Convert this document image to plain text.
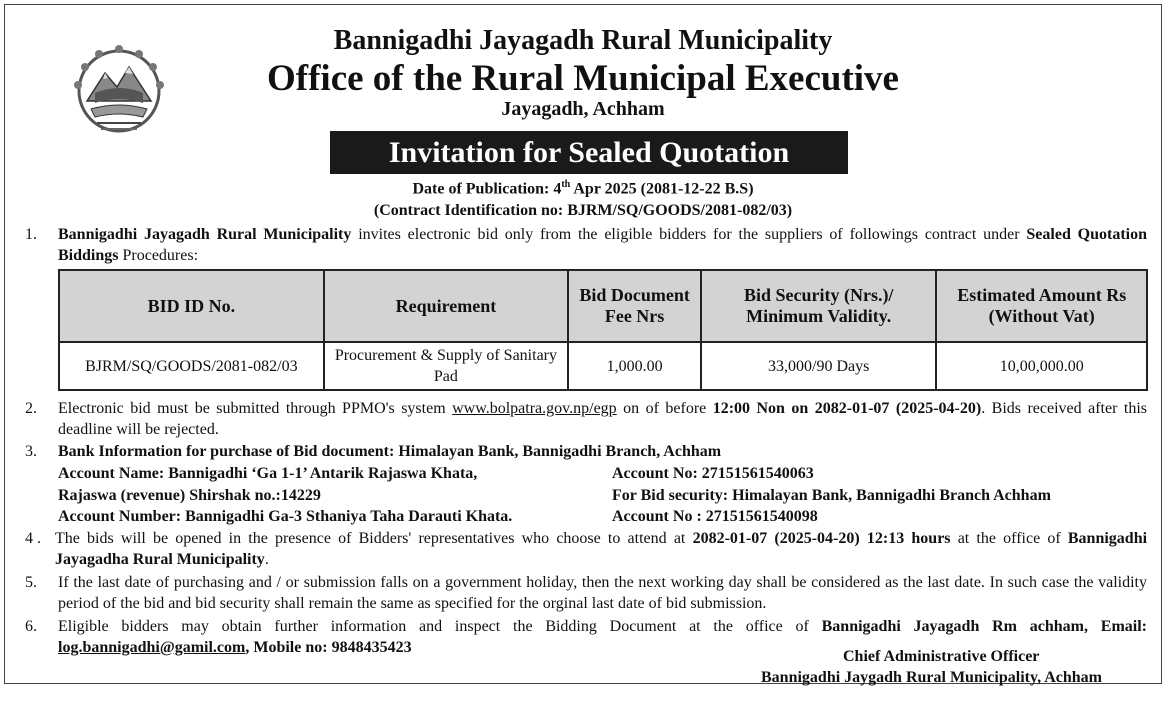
Bannigadhi Jayagadh Rural Municipality
Office of the Rural Municipal Executive
Jayagadh, Achham
Invitation for Sealed Quotation
Date of Publication: 4th Apr 2025 (2081-12-22 B.S)
(Contract Identification no: BJRM/SQ/GOODS/2081-082/03)
1. Bannigadhi Jayagadh Rural Municipality invites electronic bid only from the eligible bidders for the suppliers of followings contract under Sealed Quotation Biddings Procedures:
BID ID No.	Requirement	Bid Document Fee Nrs	Bid Security (Nrs.)/ Minimum Validity.	Estimated Amount Rs (Without Vat)
BJRM/SQ/GOODS/2081-082/03	Procurement & Supply of Sanitary Pad	1,000.00	33,000/90 Days	10,00,000.00
2. Electronic bid must be submitted through PPMO's system www.bolpatra.gov.np/egp on of before 12:00 Non on 2082-01-07 (2025-04-20). Bids received after this deadline will be rejected.
3. Bank Information for purchase of Bid document: Himalayan Bank, Bannigadhi Branch, Achham
Account Name: Bannigadhi ‘Ga 1-1’ Antarik Rajaswa Khata,
Rajaswa (revenue) Shirshak no.:14229
Account Number: Bannigadhi Ga-3 Sthaniya Taha Darauti Khata.
Account No: 27151561540063
For Bid security: Himalayan Bank, Bannigadhi Branch Achham
Account No : 27151561540098
4 . The bids will be opened in the presence of Bidders' representatives who choose to attend at 2082-01-07 (2025-04-20) 12:13 hours at the office of Bannigadhi Jayagadha Rural Municipality.
5. If the last date of purchasing and / or submission falls on a government holiday, then the next working day shall be considered as the last date. In such case the validity period of the bid and bid security shall remain the same as specified for the orginal last date of bid submission.
6. Eligible bidders may obtain further information and inspect the Bidding Document at the office of Bannigadhi Jayagadh Rm achham, Email: log.bannigadhi@gamil.com, Mobile no: 9848435423
Chief Administrative Officer
Bannigadhi Jaygadh Rural Municipality, Achham
